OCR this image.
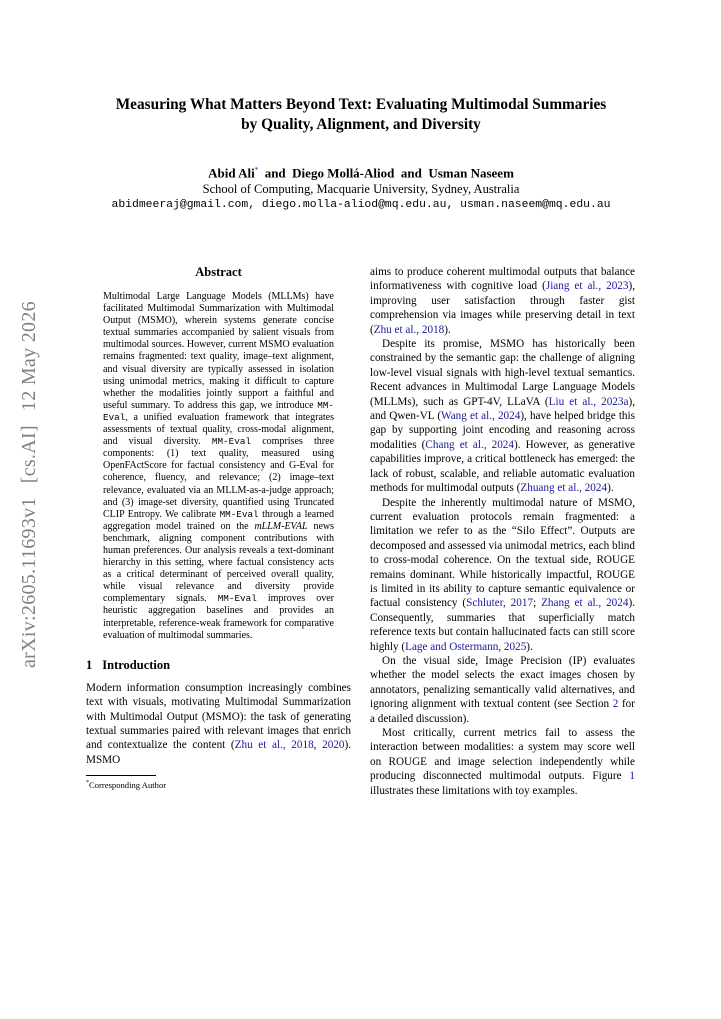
arXiv:2605.11693v1[cs.AI]12 May 2026
Measuring What Matters Beyond Text: Evaluating Multimodal Summaries
by Quality, Alignment, and Diversity
Abid Ali* and Diego Mollá-Aliod and Usman Naseem
School of Computing, Macquarie University, Sydney, Australia
abidmeeraj@gmail.com, diego.molla-aliod@mq.edu.au, usman.naseem@mq.edu.au
Abstract

Multimodal Large Language Models (MLLMs) have facilitated Multimodal Summarization with Multimodal Output (MSMO), wherein systems generate concise textual summaries accompanied by salient visuals from multimodal sources. However, current MSMO evaluation remains fragmented: text quality, image–text alignment, and visual diversity are typically assessed in isolation using unimodal metrics, making it difficult to capture whether the modalities jointly support a faithful and useful summary. To address this gap, we introduce MM-Eval, a unified evaluation framework that integrates assessments of textual quality, cross-modal alignment, and visual diversity. MM-Eval comprises three components: (1) text quality, measured using OpenFActScore for factual consistency and G-Eval for coherence, fluency, and relevance; (2) image–text relevance, evaluated via an MLLM-as-a-judge approach; and (3) image-set diversity, quantified using Truncated CLIP Entropy. We calibrate MM-Eval through a learned aggregation model trained on the mLLM-EVAL news benchmark, aligning component contributions with human preferences. Our analysis reveals a text-dominant hierarchy in this setting, where factual consistency acts as a critical determinant of perceived overall quality, while visual relevance and diversity provide complementary signals. MM-Eval improves over heuristic aggregation baselines and provides an interpretable, reference-weak framework for comparative evaluation of multimodal summaries.

1 Introduction

Modern information consumption increasingly combines text with visuals, motivating Multimodal Summarization with Multimodal Output (MSMO): the task of generating textual summaries paired with relevant images that enrich and contextualize the content (Zhu et al., 2018, 2020). MSMO

*Corresponding Author

aims to produce coherent multimodal outputs that balance informativeness with cognitive load (Jiang et al., 2023), improving user satisfaction through faster gist comprehension via images while preserving detail in text (Zhu et al., 2018).

Despite its promise, MSMO has historically been constrained by the semantic gap: the challenge of aligning low-level visual signals with high-level textual semantics. Recent advances in Multimodal Large Language Models (MLLMs), such as GPT-4V, LLaVA (Liu et al., 2023a), and Qwen-VL (Wang et al., 2024), have helped bridge this gap by supporting joint encoding and reasoning across modalities (Chang et al., 2024). However, as generative capabilities improve, a critical bottleneck has emerged: the lack of robust, scalable, and reliable automatic evaluation methods for multimodal outputs (Zhuang et al., 2024).

Despite the inherently multimodal nature of MSMO, current evaluation protocols remain fragmented: a limitation we refer to as the “Silo Effect”. Outputs are decomposed and assessed via unimodal metrics, each blind to cross-modal coherence. On the textual side, ROUGE remains dominant. While historically impactful, ROUGE is limited in its ability to capture semantic equivalence or factual consistency (Schluter, 2017; Zhang et al., 2024). Consequently, summaries that superficially match reference texts but contain hallucinated facts can still score highly (Lage and Ostermann, 2025).

On the visual side, Image Precision (IP) evaluates whether the model selects the exact images chosen by annotators, penalizing semantically valid alternatives, and ignoring alignment with textual content (see Section 2 for a detailed discussion).

Most critically, current metrics fail to assess the interaction between modalities: a system may score well on ROUGE and image selection independently while producing disconnected multimodal outputs. Figure 1 illustrates these limitations with toy examples.
